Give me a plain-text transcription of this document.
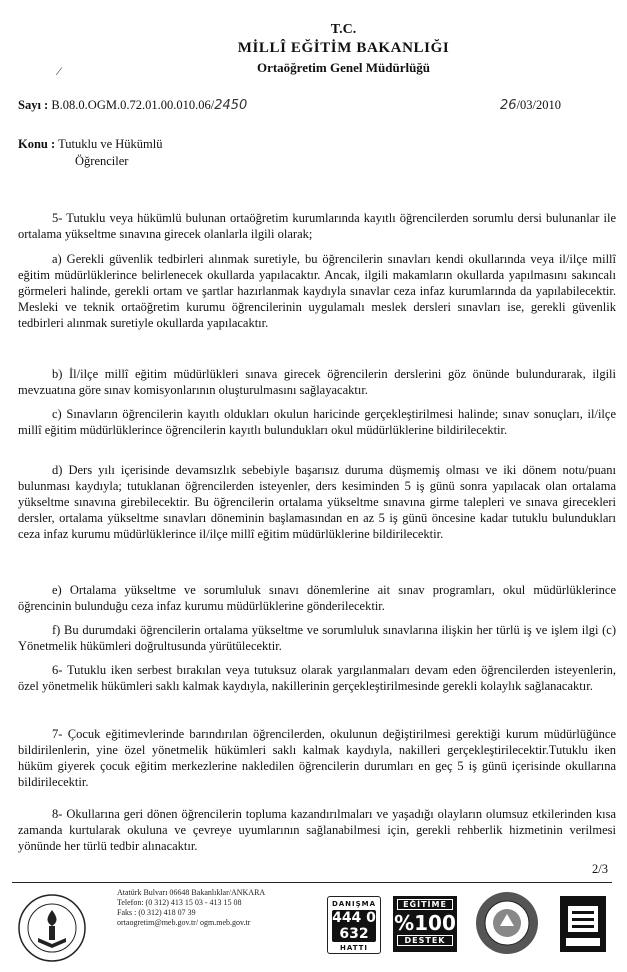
T.C.
MİLLÎ EĞİTİM BAKANLIĞI
Ortaöğretim Genel Müdürlüğü
⁄
Sayı : B.08.0.OGM.0.72.01.00.010.06/2450	26/03/2010
Konu : Tutuklu ve Hükümlü
Öğrenciler

5- Tutuklu veya hükümlü bulunan ortaöğretim kurumlarında kayıtlı öğrencilerden sorumlu dersi bulunanlar ile ortalama yükseltme sınavına girecek olanlarla ilgili olarak;

a) Gerekli güvenlik tedbirleri alınmak suretiyle, bu öğrencilerin sınavları kendi okullarında veya il/ilçe millî eğitim müdürlüklerince belirlenecek okullarda yapılacaktır. Ancak, ilgili makamların okullarda yapılmasını sakıncalı görmeleri halinde, gerekli ortam ve şartlar hazırlanmak kaydıyla sınavlar ceza infaz kurumlarında da yapılabilecektir. Mesleki ve teknik ortaöğretim kurumu öğrencilerinin uygulamalı meslek dersleri sınavları ise, gerekli güvenlik tedbirleri alınmak suretiyle okullarda yapılacaktır.

b) İl/ilçe millî eğitim müdürlükleri sınava girecek öğrencilerin derslerini göz önünde bulundurarak, ilgili mevzuatına göre sınav komisyonlarının oluşturulmasını sağlayacaktır.

c) Sınavların öğrencilerin kayıtlı oldukları okulun haricinde gerçekleştirilmesi halinde; sınav sonuçları, il/ilçe millî eğitim müdürlüklerince öğrencilerin kayıtlı bulundukları okul müdürlüklerine bildirilecektir.

d) Ders yılı içerisinde devamsızlık sebebiyle başarısız duruma düşmemiş olması ve iki dönem notu/puanı bulunması kaydıyla; tutuklanan öğrencilerden isteyenler, ders kesiminden 5 iş günü sonra yapılacak olan ortalama yükseltme sınavına girebilecektir. Bu öğrencilerin ortalama yükseltme sınavına girme talepleri ve sınava girecekleri dersler, ortalama yükseltme sınavları döneminin başlamasından en az 5 iş günü öncesine kadar tutuklu bulundukları ceza infaz kurumu müdürlüklerince il/ilçe millî eğitim müdürlüklerine bildirilecektir.

e) Ortalama yükseltme ve sorumluluk sınavı dönemlerine ait sınav programları, okul müdürlüklerince öğrencinin bulunduğu ceza infaz kurumu müdürlüklerine gönderilecektir.

f) Bu durumdaki öğrencilerin ortalama yükseltme ve sorumluluk sınavlarına ilişkin her türlü iş ve işlem ilgi (c) Yönetmelik hükümleri doğrultusunda yürütülecektir.

6- Tutuklu iken serbest bırakılan veya tutuksuz olarak yargılanmaları devam eden öğrencilerden isteyenlerin, özel yönetmelik hükümleri saklı kalmak kaydıyla, nakillerinin gerçekleştirilmesinde gerekli kolaylık sağlanacaktır.

7- Çocuk eğitimevlerinde barındırılan öğrencilerden, okulunun değiştirilmesi gerektiği kurum müdürlüğünce bildirilenlerin, yine özel yönetmelik hükümleri saklı kalmak kaydıyla, nakilleri gerçekleştirilecektir.Tutuklu iken hüküm giyerek çocuk eğitim merkezlerine nakledilen öğrencilerin durumları en geç 5 iş günü içerisinde okullarına bildirilecektir.

8- Okullarına geri dönen öğrencilerin topluma kazandırılmaları ve yaşadığı olayların olumsuz etkilerinden kısa zamanda kurtularak okuluna ve çevreye uyumlarının sağlanabilmesi için, gerekli rehberlik hizmetinin verilmesi yönünde her türlü tedbir alınacaktır.

2/3
Atatürk Bulvarı 06648 Bakanlıklar/ANKARA
Telefon: (0 312) 413 15 03 - 413 15 08
Faks : (0 312) 418 07 39
ortaogretim@meb.gov.tr/ ogm.meb.gov.tr
DANIŞMA
444 0 632
HATTI
EĞİTİME
%100
DESTEK
